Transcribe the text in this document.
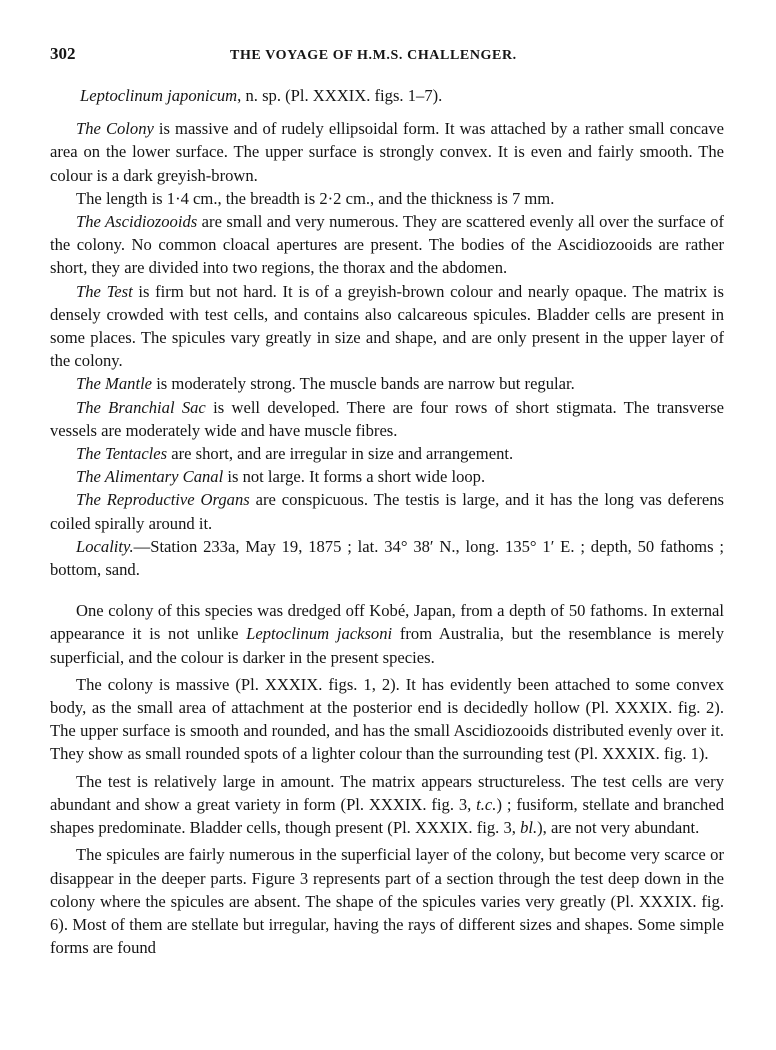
302	THE VOYAGE OF H.M.S. CHALLENGER.
Leptoclinum japonicum, n. sp. (Pl. XXXIX. figs. 1–7).

The Colony is massive and of rudely ellipsoidal form. It was attached by a rather small concave area on the lower surface. The upper surface is strongly convex. It is even and fairly smooth. The colour is a dark greyish-brown.

The length is 1·4 cm., the breadth is 2·2 cm., and the thickness is 7 mm.

The Ascidiozooids are small and very numerous. They are scattered evenly all over the surface of the colony. No common cloacal apertures are present. The bodies of the Ascidiozooids are rather short, they are divided into two regions, the thorax and the abdomen.

The Test is firm but not hard. It is of a greyish-brown colour and nearly opaque. The matrix is densely crowded with test cells, and contains also calcareous spicules. Bladder cells are present in some places. The spicules vary greatly in size and shape, and are only present in the upper layer of the colony.

The Mantle is moderately strong. The muscle bands are narrow but regular.

The Branchial Sac is well developed. There are four rows of short stigmata. The transverse vessels are moderately wide and have muscle fibres.

The Tentacles are short, and are irregular in size and arrangement.

The Alimentary Canal is not large. It forms a short wide loop.

The Reproductive Organs are conspicuous. The testis is large, and it has the long vas deferens coiled spirally around it.

Locality.—Station 233a, May 19, 1875 ; lat. 34° 38′ N., long. 135° 1′ E. ; depth, 50 fathoms ; bottom, sand.

One colony of this species was dredged off Kobé, Japan, from a depth of 50 fathoms. In external appearance it is not unlike Leptoclinum jacksoni from Australia, but the resemblance is merely superficial, and the colour is darker in the present species.

The colony is massive (Pl. XXXIX. figs. 1, 2). It has evidently been attached to some convex body, as the small area of attachment at the posterior end is decidedly hollow (Pl. XXXIX. fig. 2). The upper surface is smooth and rounded, and has the small Ascidiozooids distributed evenly over it. They show as small rounded spots of a lighter colour than the surrounding test (Pl. XXXIX. fig. 1).

The test is relatively large in amount. The matrix appears structureless. The test cells are very abundant and show a great variety in form (Pl. XXXIX. fig. 3, t.c.) ; fusiform, stellate and branched shapes predominate. Bladder cells, though present (Pl. XXXIX. fig. 3, bl.), are not very abundant.

The spicules are fairly numerous in the superficial layer of the colony, but become very scarce or disappear in the deeper parts. Figure 3 represents part of a section through the test deep down in the colony where the spicules are absent. The shape of the spicules varies very greatly (Pl. XXXIX. fig. 6). Most of them are stellate but irregular, having the rays of different sizes and shapes. Some simple forms are found
